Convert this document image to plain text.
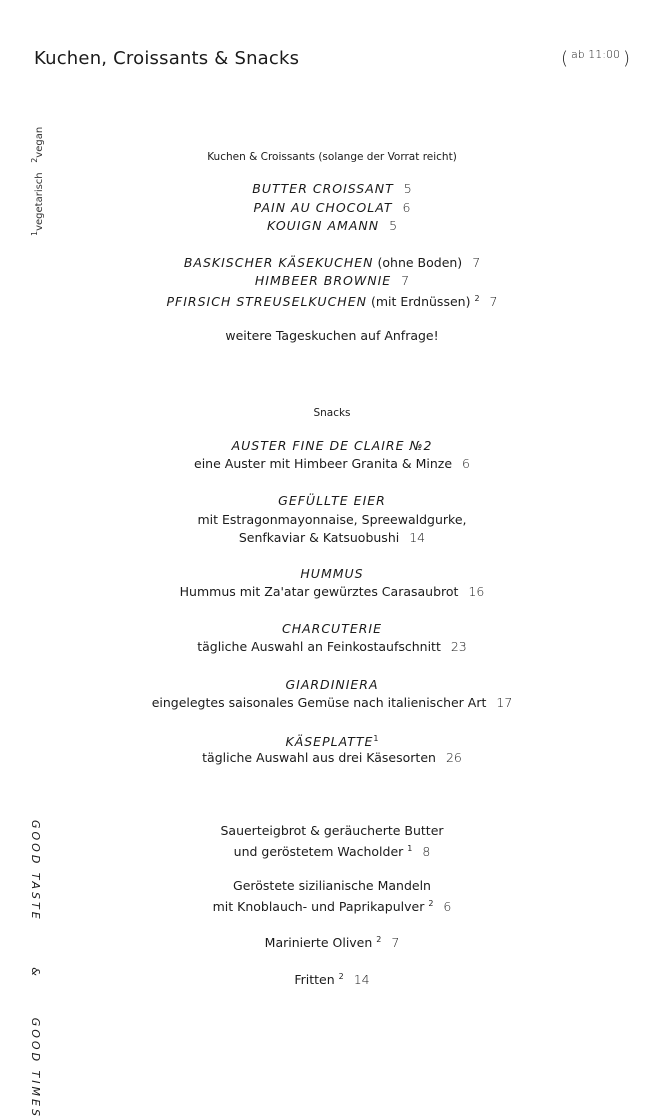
Kuchen, Croissants & Snacks	( $^{ab 11:00}$ )
$^1$vegetarisch   $^2$vegan
GOOD TASTE       &      GOOD TIMES
Kuchen & Croissants (solange der Vorrat reicht)
BUTTER CROISSANT 5
PAIN AU CHOCOLAT 6
KOUIGN AMANN 5
BASKISCHER KÄSEKUCHEN (ohne Boden) 7
HIMBEER BROWNIE 7
PFIRSICH STREUSELKUCHEN (mit Erdnüssen) $^2$ 7
weitere Tageskuchen auf Anfrage!
Snacks
AUSTER FINE DE CLAIRE №2
eine Auster mit Himbeer Granita & Minze 6
GEFÜLLTE EIER
mit Estragonmayonnaise, Spreewaldgurke,
Senfkaviar & Katsuobushi 14
HUMMUS
Hummus mit Za'atar gewürztes Carasaubrot 16
CHARCUTERIE
tägliche Auswahl an Feinkostaufschnitt 23
GIARDINIERA
eingelegtes saisonales Gemüse nach italienischer Art 17
KÄSEPLATTE$^1$
tägliche Auswahl aus drei Käsesorten 26
Sauerteigbrot & geräucherte Butter
und geröstetem Wacholder $^1$ 8
Geröstete sizilianische Mandeln
mit Knoblauch- und Paprikapulver $^2$ 6
Marinierte Oliven $^2$ 7
Fritten $^2$ 14
